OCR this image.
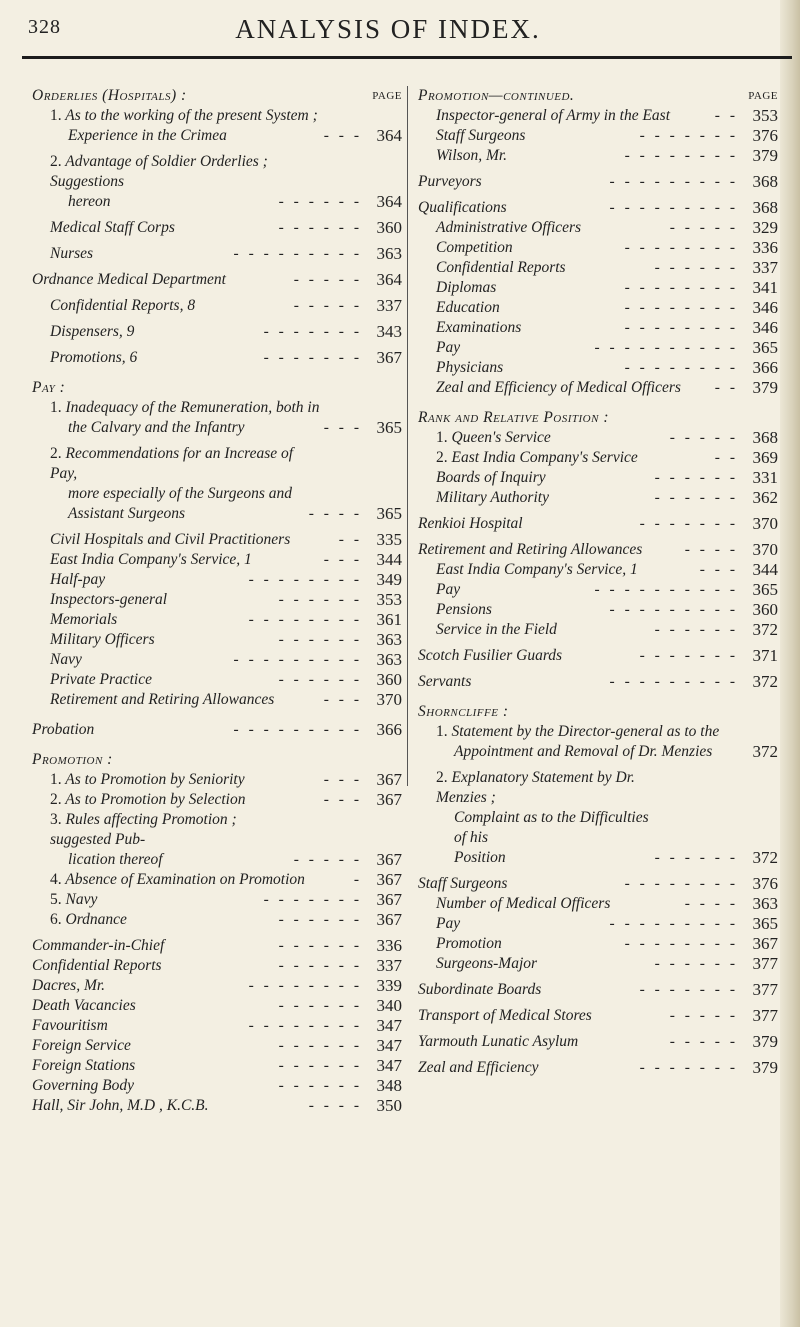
328	ANALYSIS OF INDEX.
Orderlies (Hospitals) :	PAGE
1. As to the working of the present System ;
Experience in the Crimea	- - - 364
2. Advantage of Soldier Orderlies ; Suggestions
hereon	- - - - - - 364
Medical Staff Corps	- - - - - - 360
Nurses	- - - - - - - - - 363
Ordnance Medical Department	- - - - - 364
Confidential Reports, 8	- - - - - 337
Dispensers, 9	- - - - - - - 343
Promotions, 6	- - - - - - - 367
Pay :
1. Inadequacy of the Remuneration, both in
the Calvary and the Infantry	- - - 365
2. Recommendations for an Increase of Pay,
more especially of the Surgeons and
Assistant Surgeons	- - - - 365
Civil Hospitals and Civil Practitioners	- - 335
East India Company's Service, 1	- - - 344
Half-pay	- - - - - - - - 349
Inspectors-general	- - - - - - 353
Memorials	- - - - - - - - 361
Military Officers	- - - - - - 363
Navy	- - - - - - - - - 363
Private Practice	- - - - - - 360
Retirement and Retiring Allowances	- - - 370
Probation	- - - - - - - - - 366
Promotion :
1. As to Promotion by Seniority	- - - 367
2. As to Promotion by Selection	- - - 367
3. Rules affecting Promotion ; suggested Pub-
lication thereof	- - - - - 367
4. Absence of Examination on Promotion	- 367
5. Navy	- - - - - - - 367
6. Ordnance	- - - - - - 367
Commander-in-Chief	- - - - - - 336
Confidential Reports	- - - - - - 337
Dacres, Mr.	- - - - - - - - 339
Death Vacancies	- - - - - - 340
Favouritism	- - - - - - - - 347
Foreign Service	- - - - - - 347
Foreign Stations	- - - - - - 347
Governing Body	- - - - - - 348
Hall, Sir John, M.D , K.C.B.	- - - - 350
Promotion—continued.	PAGE
Inspector-general of Army in the East	- - 353
Staff Surgeons	- - - - - - - 376
Wilson, Mr.	- - - - - - - - 379
Purveyors	- - - - - - - - - 368
Qualifications	- - - - - - - - - 368
Administrative Officers	- - - - - 329
Competition	- - - - - - - - 336
Confidential Reports	- - - - - - 337
Diplomas	- - - - - - - - 341
Education	- - - - - - - - 346
Examinations	- - - - - - - - 346
Pay	- - - - - - - - - - 365
Physicians	- - - - - - - - 366
Zeal and Efficiency of Medical Officers	- - 379
Rank and Relative Position :
1. Queen's Service	- - - - - 368
2. East India Company's Service	- - 369
Boards of Inquiry	- - - - - - 331
Military Authority	- - - - - - 362
Renkioi Hospital	- - - - - - - 370
Retirement and Retiring Allowances	- - - - 370
East India Company's Service, 1	- - - 344
Pay	- - - - - - - - - - 365
Pensions	- - - - - - - - - 360
Service in the Field	- - - - - - 372
Scotch Fusilier Guards	- - - - - - - 371
Servants	- - - - - - - - - 372
Shorncliffe :
1. Statement by the Director-general as to the
Appointment and Removal of Dr. Menzies	372
2. Explanatory Statement by Dr. Menzies ;
Complaint as to the Difficulties of his
Position	- - - - - - 372
Staff Surgeons	- - - - - - - - 376
Number of Medical Officers	- - - - 363
Pay	- - - - - - - - - 365
Promotion	- - - - - - - - 367
Surgeons-Major	- - - - - - 377
Subordinate Boards	- - - - - - - 377
Transport of Medical Stores	- - - - - 377
Yarmouth Lunatic Asylum	- - - - - 379
Zeal and Efficiency	- - - - - - - 379
